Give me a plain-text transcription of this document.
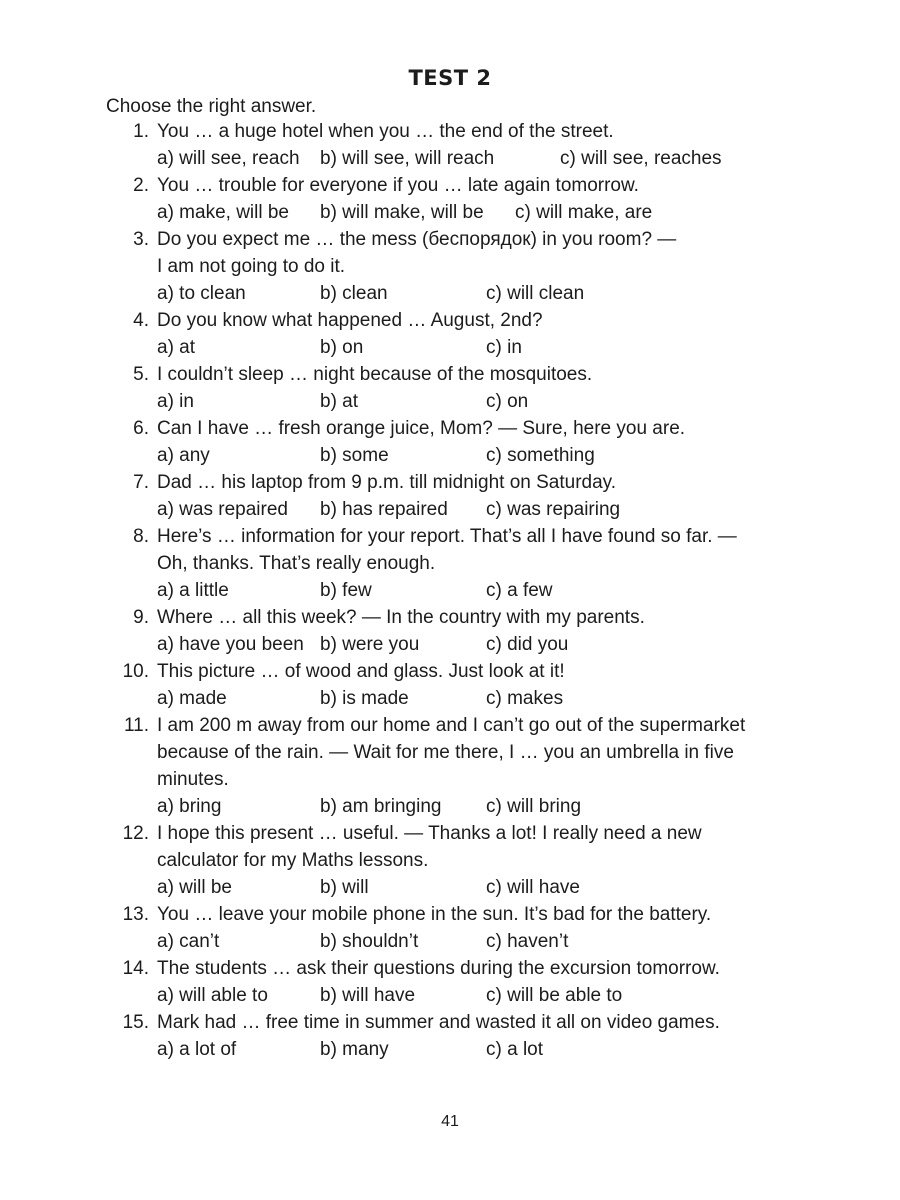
TEST 2
Choose the right answer.
1. You … a huge hotel when you … the end of the street.
a) will see, reach b) will see, will reach	c) will see, reaches
2. You … trouble for everyone if you … late again tomorrow.
a) make, will be b) will make, will be c) will make, are
3. Do you expect me … the mess (беспорядок) in you room? —
I am not going to do it.
a) to clean	b) clean	c) will clean
4. Do you know what happened … August, 2nd?
a) at	b) on	c) in
5. I couldn’t sleep … night because of the mosquitoes.
a) in	b) at	c) on
6. Can I have … fresh orange juice, Mom? — Sure, here you are.
a) any	b) some	c) something
7. Dad … his laptop from 9 p.m. till midnight on Saturday.
a) was repaired b) has repaired c) was repairing
8. Here’s … information for your report. That’s all I have found so far. —
Oh, thanks. That’s really enough.
a) a little	b) few	c) a few
9. Where … all this week? — In the country with my parents.
a) have you been b) were you	c) did you
10. This picture … of wood and glass. Just look at it!
a) made	b) is made	c) makes
11. I am 200 m away from our home and I can’t go out of the supermarket
because of the rain. — Wait for me there, I … you an umbrella in five
minutes.
a) bring	b) am bringing c) will bring
12. I hope this present … useful. — Thanks a lot! I really need a new
calculator for my Maths lessons.
a) will be	b) will	c) will have
13. You … leave your mobile phone in the sun. It’s bad for the battery.
a) can’t	b) shouldn’t	c) haven’t
14. The students … ask their questions during the excursion tomorrow.
a) will able to	b) will have	c) will be able to
15. Mark had … free time in summer and wasted it all on video games.
a) a lot of	b) many	c) a lot
41
